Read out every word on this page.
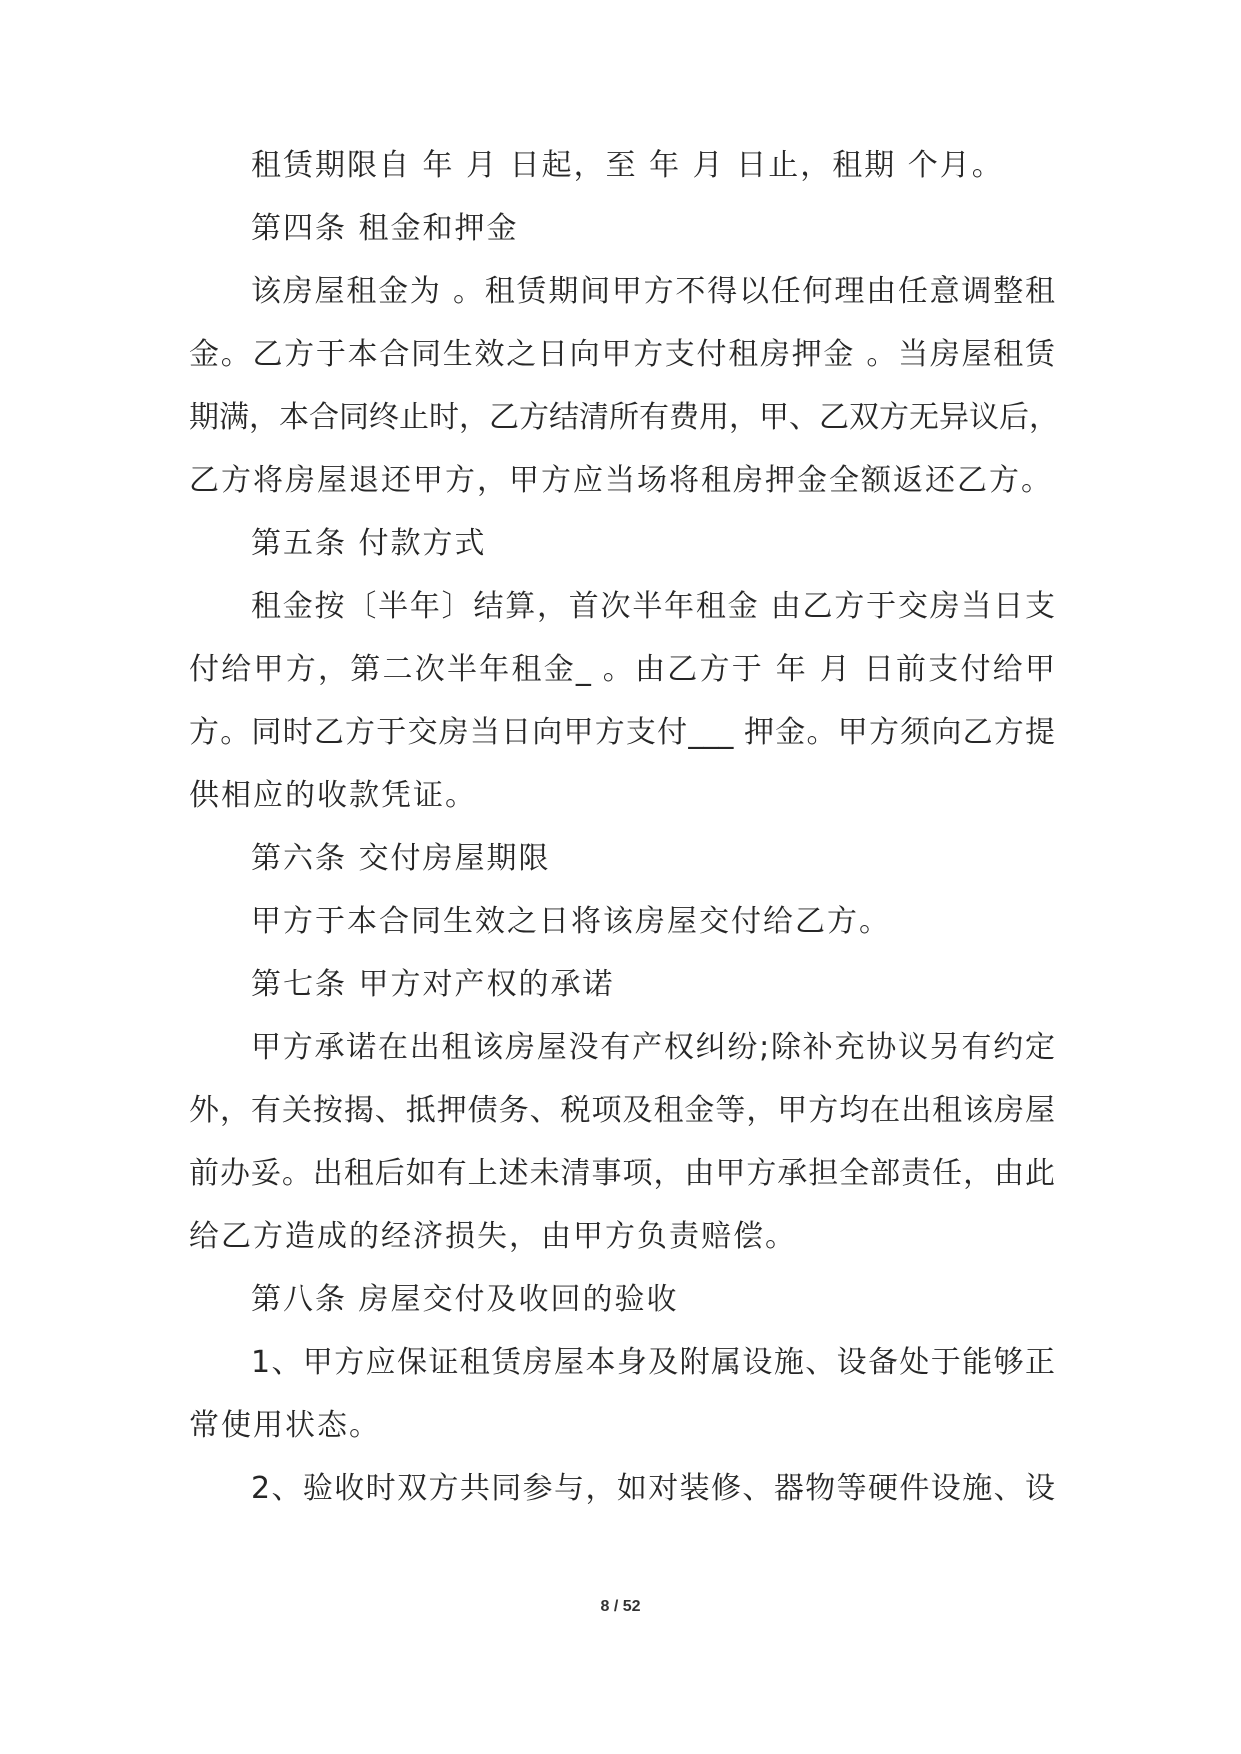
租赁期限自 年 月 日起，至 年 月 日止，租期 个月。
第四条 租金和押金
该房屋租金为 。租赁期间甲方不得以任何理由任意调整租
金。乙方于本合同生效之日向甲方支付租房押金 。当房屋租赁
期满，本合同终止时，乙方结清所有费用，甲、乙双方无异议后，
乙方将房屋退还甲方，甲方应当场将租房押金全额返还乙方。
第五条 付款方式
租金按〔半年〕结算，首次半年租金 由乙方于交房当日支
付给甲方，第二次半年租金_ 。由乙方于 年 月 日前支付给甲
方。同时乙方于交房当日向甲方支付___ 押金。甲方须向乙方提
供相应的收款凭证。
第六条 交付房屋期限
甲方于本合同生效之日将该房屋交付给乙方。
第七条 甲方对产权的承诺
甲方承诺在出租该房屋没有产权纠纷;除补充协议另有约定
外，有关按揭、抵押债务、税项及租金等，甲方均在出租该房屋
前办妥。出租后如有上述未清事项，由甲方承担全部责任，由此
给乙方造成的经济损失，由甲方负责赔偿。
第八条 房屋交付及收回的验收
1、甲方应保证租赁房屋本身及附属设施、设备处于能够正
常使用状态。
2、验收时双方共同参与，如对装修、器物等硬件设施、设
8 / 52
